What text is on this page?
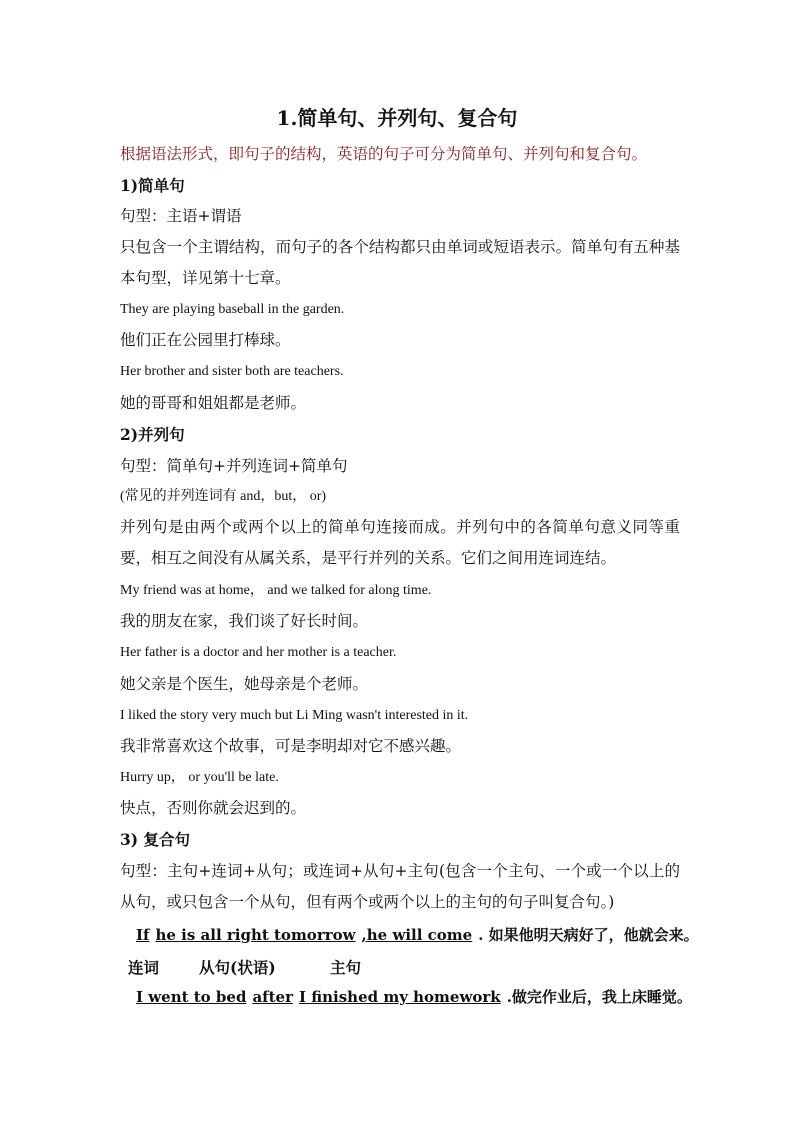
1.简单句、并列句、复合句
根据语法形式，即句子的结构，英语的句子可分为简单句、并列句和复合句。
1)简单句
句型：主语+谓语
只包含一个主谓结构，而句子的各个结构都只由单词或短语表示。简单句有五种基本句型，详见第十七章。
They are playing baseball in the garden.
他们正在公园里打棒球。
Her brother and sister both are teachers.
她的哥哥和姐姐都是老师。
2)并列句
句型：简单句+并列连词+简单句
(常见的并列连词有 and，but， or)
并列句是由两个或两个以上的简单句连接而成。并列句中的各简单句意义同等重要，相互之间没有从属关系，是平行并列的关系。它们之间用连词连结。
My friend was at home， and we talked for along time.
我的朋友在家，我们谈了好长时间。
Her father is a doctor and her mother is a teacher.
她父亲是个医生，她母亲是个老师。
I liked the story very much but Li Ming wasn't interested in it.
我非常喜欢这个故事，可是李明却对它不感兴趣。
Hurry up， or you'll be late.
快点，否则你就会迟到的。
3) 复合句
句型：主句+连词+从句；或连词+从句+主句(包含一个主句、一个或一个以上的从句，或只包含一个从句，但有两个或两个以上的主句的句子叫复合句。)
If he is all right tomorrow ,he will come . 如果他明天病好了，他就会来。
连词	从句(状语)	主句
I went to bed after I finished my homework .做完作业后，我上床睡觉。
